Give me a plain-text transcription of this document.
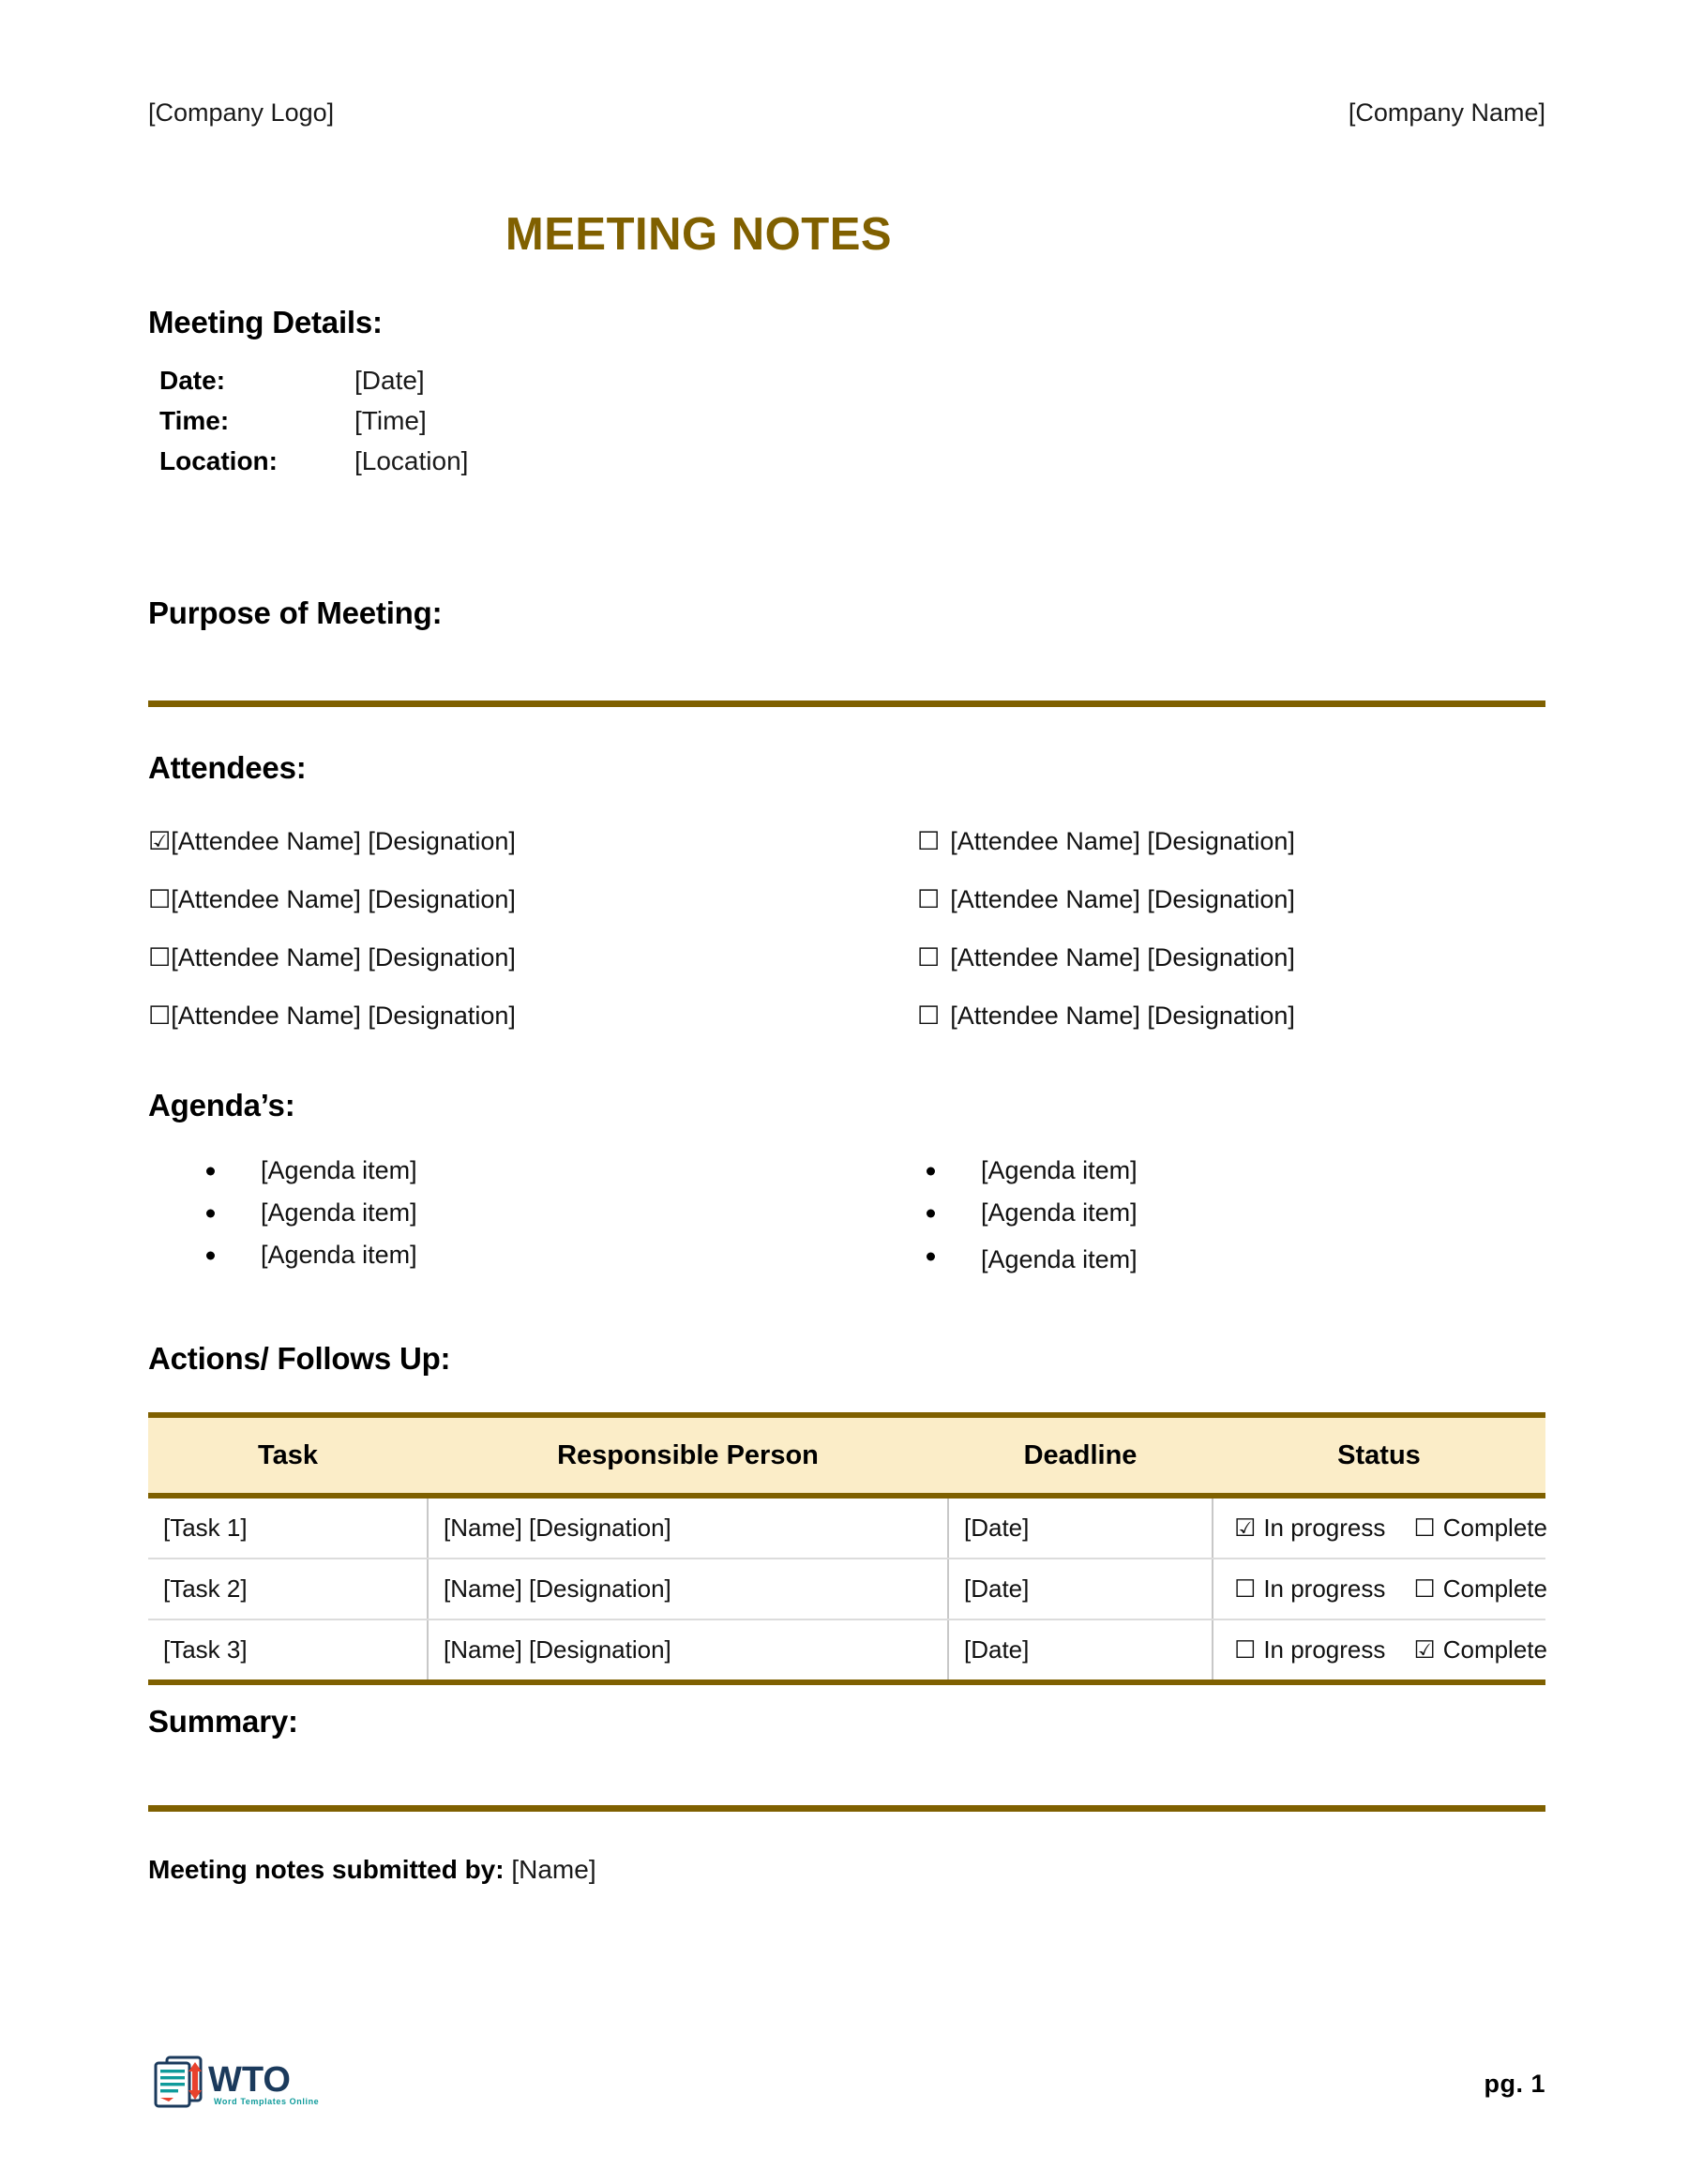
[Company Logo]	[Company Name]
MEETING NOTES
Meeting Details:
Date:	[Date]
Time:	[Time]
Location:	[Location]
Purpose of Meeting:
Attendees:
☑[Attendee Name] [Designation]	☐ [Attendee Name] [Designation]
☐[Attendee Name] [Designation]	☐ [Attendee Name] [Designation]
☐[Attendee Name] [Designation]	☐ [Attendee Name] [Designation]
☐[Attendee Name] [Designation]	☐ [Attendee Name] [Designation]
Agenda’s:
[Agenda item]
[Agenda item]
[Agenda item]
[Agenda item]
[Agenda item]
[Agenda item]
Actions/ Follows Up:
Task	Responsible Person	Deadline	Status
[Task 1]	[Name] [Designation]	[Date]	☑ In progress ☐ Complete

[Task 2]	[Name] [Designation]	[Date]	☐ In progress ☐ Complete

[Task 3]	[Name] [Designation]	[Date]	☐ In progress ☑ Complete
Summary:
Meeting notes submitted by: [Name]
WTO
Word Templates Online
pg. 1
